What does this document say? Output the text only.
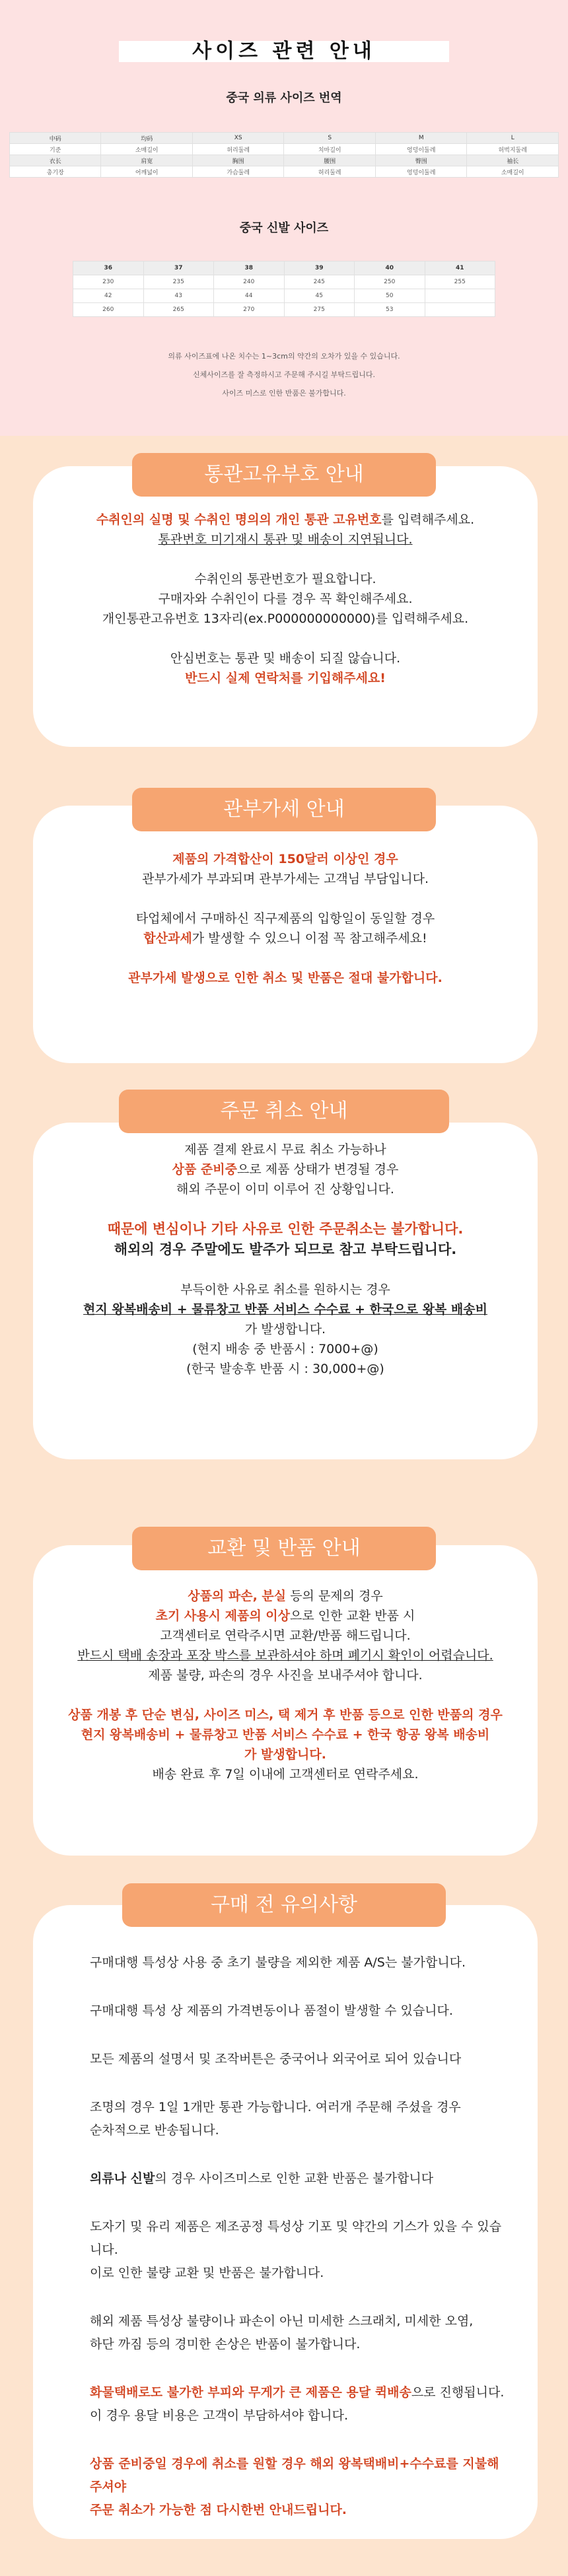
사이즈 관련 안내
중국 의류 사이즈 번역
中码	均码	XS	S	M	L
기준	소매길이	허리둘레	치마길이	엉덩이둘레	허벅지둘레
衣长	肩宽	胸围	腰围	臀围	袖长
총기장	어깨넓이	가슴둘레	허리둘레	엉덩이둘레	소매길이
중국 신발 사이즈
36	37	38	39	40	41
230	235	240	245	250	255
42	43	44	45	50	
260	265	270	275	53	
의류 사이즈표에 나온 치수는 1~3cm의 약간의 오차가 있을 수 있습니다.
신체사이즈를 잘 측정하시고 주문해 주시길 부탁드립니다.
사이즈 미스로 인한 반품은 불가합니다.
수취인의 실명 및 수취인 명의의 개인 통관 고유번호를 입력해주세요.
통관번호 미기재시 통관 및 배송이 지연됩니다.
수취인의 통관번호가 필요합니다.
구매자와 수취인이 다를 경우 꼭 확인해주세요.
개인통관고유번호 13자리(ex.P000000000000)를 입력해주세요.
안심번호는 통관 및 배송이 되질 않습니다.
반드시 실제 연락처를 기입해주세요!
통관고유부호 안내
제품의 가격합산이 150달러 이상인 경우
관부가세가 부과되며 관부가세는 고객님 부담입니다.
타업체에서 구매하신 직구제품의 입항일이 동일할 경우
합산과세가 발생할 수 있으니 이점 꼭 참고해주세요!
관부가세 발생으로 인한 취소 및 반품은 절대 불가합니다.
관부가세 안내
제품 결제 완료시 무료 취소 가능하나
상품 준비중으로 제품 상태가 변경될 경우
해외 주문이 이미 이루어 진 상황입니다.
때문에 변심이나 기타 사유로 인한 주문취소는 불가합니다.
해외의 경우 주말에도 발주가 되므로 참고 부탁드립니다.
부득이한 사유로 취소를 원하시는 경우
현지 왕복배송비 + 물류창고 반품 서비스 수수료 + 한국으로 왕복 배송비
가 발생합니다.
(현지 배송 중 반품시 : 7000+@)
(한국 발송후 반품 시 : 30,000+@)
주문 취소 안내
상품의 파손, 분실 등의 문제의 경우
초기 사용시 제품의 이상으로 인한 교환 반품 시
고객센터로 연락주시면 교환/반품 해드립니다.
반드시 택배 송장과 포장 박스를 보관하셔야 하며 폐기시 확인이 어렵습니다.
제품 불량, 파손의 경우 사진을 보내주셔야 합니다.
상품 개봉 후 단순 변심, 사이즈 미스, 택 제거 후 반품 등으로 인한 반품의 경우
현지 왕복배송비 + 물류창고 반품 서비스 수수료 + 한국 항공 왕복 배송비
가 발생합니다.
배송 완료 후 7일 이내에 고객센터로 연락주세요.
교환 및 반품 안내
구매대행 특성상 사용 중 초기 불량을 제외한 제품 A/S는 불가합니다.
구매대행 특성 상 제품의 가격변동이나 품절이 발생할 수 있습니다.
모든 제품의 설명서 및 조작버튼은 중국어나 외국어로 되어 있습니다
조명의 경우 1일 1개만 통관 가능합니다. 여러개 주문해 주셨을 경우
순차적으로 반송됩니다.
의류나 신발의 경우 사이즈미스로 인한 교환 반품은 불가합니다
도자기 및 유리 제품은 제조공정 특성상 기포 및 약간의 기스가 있을 수 있습니다.
이로 인한 불량 교환 및 반품은 불가합니다.
해외 제품 특성상 불량이나 파손이 아닌 미세한 스크래치, 미세한 오염,
하단 까짐 등의 경미한 손상은 반품이 불가합니다.
화물택배로도 불가한 부피와 무게가 큰 제품은 용달 퀵배송으로 진행됩니다.
이 경우 용달 비용은 고객이 부담하셔야 합니다.
상품 준비중일 경우에 취소를 원할 경우 해외 왕복택배비+수수료를 지불해 주셔야
주문 취소가 가능한 점 다시한번 안내드립니다.
구매 전 유의사항
